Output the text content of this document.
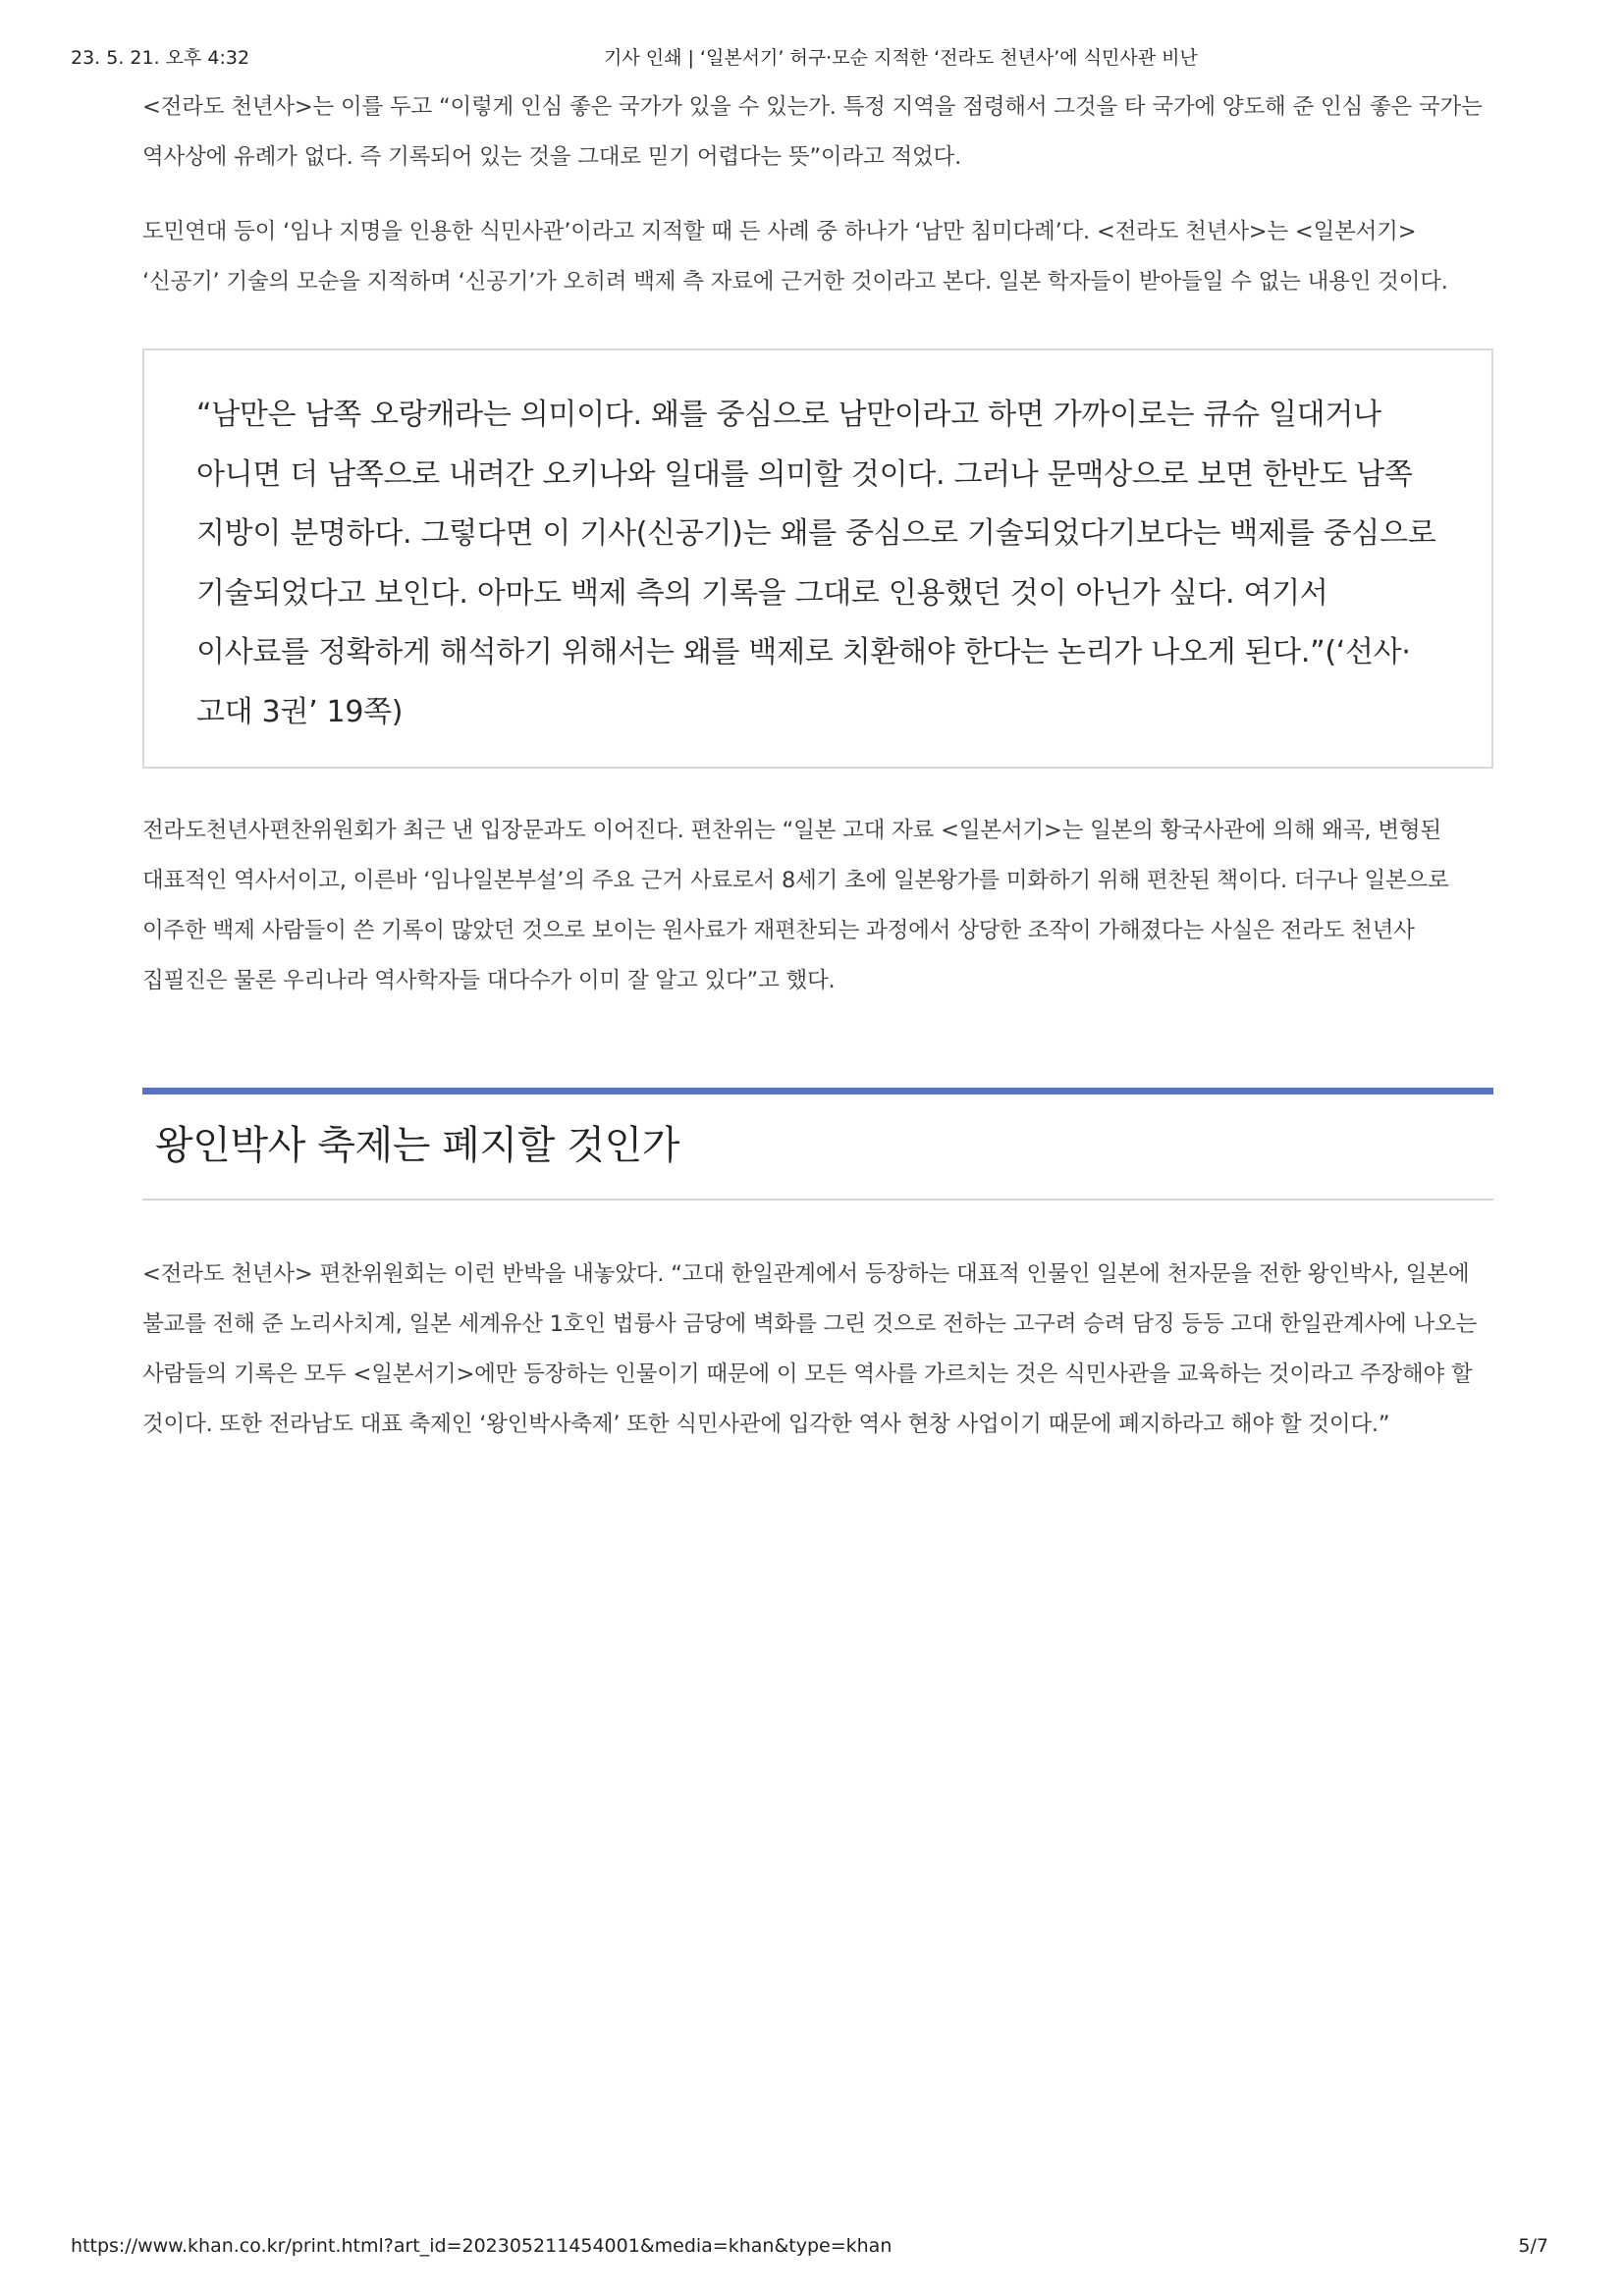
23. 5. 21. 오후 4:32	기사 인쇄 | ‘일본서기’ 허구·모순 지적한 ‘전라도 천년사’에 식민사관 비난

<전라도 천년사>는 이를 두고 “이렇게 인심 좋은 국가가 있을 수 있는가. 특정 지역을 점령해서 그것을 타 국가에 양도해 준 인심 좋은 국가는 역사상에 유례가 없다. 즉 기록되어 있는 것을 그대로 믿기 어렵다는 뜻”이라고 적었다.

도민연대 등이 ‘임나 지명을 인용한 식민사관’이라고 지적할 때 든 사례 중 하나가 ‘남만 침미다례’다. <전라도 천년사>는 <일본서기> ‘신공기’ 기술의 모순을 지적하며 ‘신공기’가 오히려 백제 측 자료에 근거한 것이라고 본다. 일본 학자들이 받아들일 수 없는 내용인 것이다.

“남만은 남쪽 오랑캐라는 의미이다. 왜를 중심으로 남만이라고 하면 가까이로는 큐슈 일대거나 아니면 더 남쪽으로 내려간 오키나와 일대를 의미할 것이다. 그러나 문맥상으로 보면 한반도 남쪽 지방이 분명하다. 그렇다면 이 기사(신공기)는 왜를 중심으로 기술되었다기보다는 백제를 중심으로 기술되었다고 보인다. 아마도 백제 측의 기록을 그대로 인용했던 것이 아닌가 싶다. 여기서 이사료를 정확하게 해석하기 위해서는 왜를 백제로 치환해야 한다는 논리가 나오게 된다.”(‘선사·고대 3권’ 19쪽)

전라도천년사편찬위원회가 최근 낸 입장문과도 이어진다. 편찬위는 “일본 고대 자료 <일본서기>는 일본의 황국사관에 의해 왜곡, 변형된 대표적인 역사서이고, 이른바 ‘임나일본부설’의 주요 근거 사료로서 8세기 초에 일본왕가를 미화하기 위해 편찬된 책이다. 더구나 일본으로 이주한 백제 사람들이 쓴 기록이 많았던 것으로 보이는 원사료가 재편찬되는 과정에서 상당한 조작이 가해졌다는 사실은 전라도 천년사 집필진은 물론 우리나라 역사학자들 대다수가 이미 잘 알고 있다”고 했다.

왕인박사 축제는 폐지할 것인가

<전라도 천년사> 편찬위원회는 이런 반박을 내놓았다. “고대 한일관계에서 등장하는 대표적 인물인 일본에 천자문을 전한 왕인박사, 일본에 불교를 전해 준 노리사치계, 일본 세계유산 1호인 법륭사 금당에 벽화를 그린 것으로 전하는 고구려 승려 담징 등등 고대 한일관계사에 나오는 사람들의 기록은 모두 <일본서기>에만 등장하는 인물이기 때문에 이 모든 역사를 가르치는 것은 식민사관을 교육하는 것이라고 주장해야 할 것이다. 또한 전라남도 대표 축제인 ‘왕인박사축제’ 또한 식민사관에 입각한 역사 현창 사업이기 때문에 폐지하라고 해야 할 것이다.”

https://www.khan.co.kr/print.html?art_id=202305211454001&media=khan&type=khan	5/7
